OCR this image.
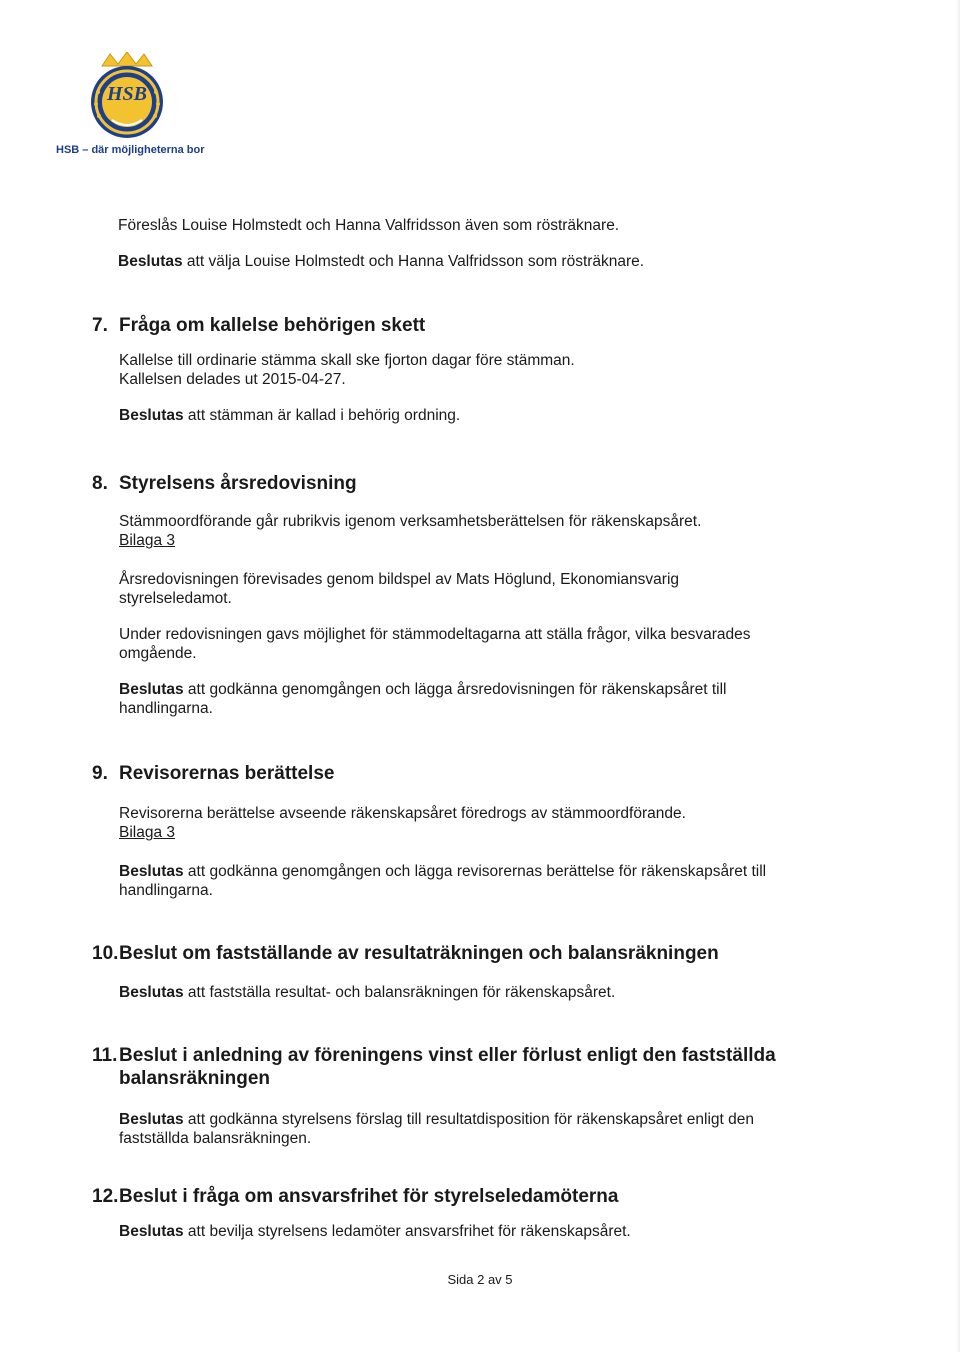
HSB
HSB – där möjligheterna bor

Föreslås Louise Holmstedt och Hanna Valfridsson även som rösträknare.

Beslutas att välja Louise Holmstedt och Hanna Valfridsson som rösträknare.

7. Fråga om kallelse behörigen skett

Kallelse till ordinarie stämma skall ske fjorton dagar före stämman. Kallelsen delades ut 2015-04-27.

Beslutas att stämman är kallad i behörig ordning.

8. Styrelsens årsredovisning

Stämmoordförande går rubrikvis igenom verksamhetsberättelsen för räkenskapsåret.
Bilaga 3

Årsredovisningen förevisades genom bildspel av Mats Höglund, Ekonomiansvarig styrelseledamot.

Under redovisningen gavs möjlighet för stämmodeltagarna att ställa frågor, vilka besvarades omgående.

Beslutas att godkänna genomgången och lägga årsredovisningen för räkenskapsåret till handlingarna.

9. Revisorernas berättelse

Revisorerna berättelse avseende räkenskapsåret föredrogs av stämmoordförande.
Bilaga 3

Beslutas att godkänna genomgången och lägga revisorernas berättelse för räkenskapsåret till handlingarna.

10. Beslut om fastställande av resultaträkningen och balansräkningen

Beslutas att fastställa resultat- och balansräkningen för räkenskapsåret.

11. Beslut i anledning av föreningens vinst eller förlust enligt den fastställda balansräkningen

Beslutas att godkänna styrelsens förslag till resultatdisposition för räkenskapsåret enligt den fastställda balansräkningen.

12. Beslut i fråga om ansvarsfrihet för styrelseledamöterna

Beslutas att bevilja styrelsens ledamöter ansvarsfrihet för räkenskapsåret.

Sida 2 av 5
